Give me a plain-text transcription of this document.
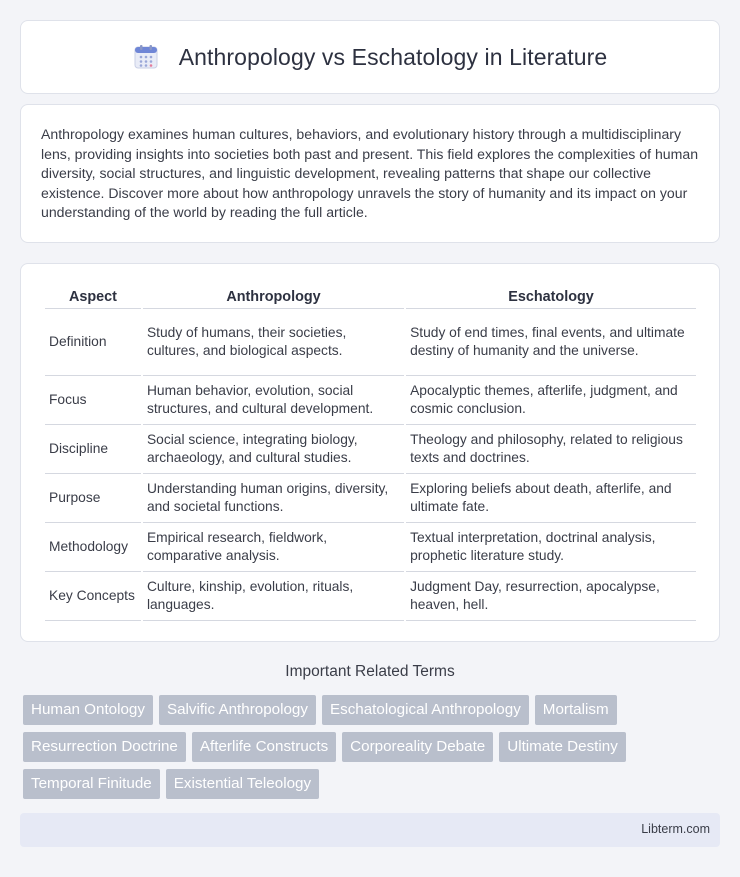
Anthropology vs Eschatology in Literature

Anthropology examines human cultures, behaviors, and evolutionary history through a multidisciplinary lens, providing insights into societies both past and present. This field explores the complexities of human diversity, social structures, and linguistic development, revealing patterns that shape our collective existence. Discover more about how anthropology unravels the story of humanity and its impact on your understanding of the world by reading the full article.

Aspect	Anthropology	Eschatology
Definition	Study of humans, their societies, cultures, and biological aspects.	Study of end times, final events, and ultimate destiny of humanity and the universe.
Focus	Human behavior, evolution, social structures, and cultural development.	Apocalyptic themes, afterlife, judgment, and cosmic conclusion.
Discipline	Social science, integrating biology, archaeology, and cultural studies.	Theology and philosophy, related to religious texts and doctrines.
Purpose	Understanding human origins, diversity, and societal functions.	Exploring beliefs about death, afterlife, and ultimate fate.
Methodology	Empirical research, fieldwork, comparative analysis.	Textual interpretation, doctrinal analysis, prophetic literature study.
Key Concepts	Culture, kinship, evolution, rituals, languages.	Judgment Day, resurrection, apocalypse, heaven, hell.
Important Related Terms
Human Ontology	Salvific Anthropology	Eschatological Anthropology	Mortalism
Resurrection Doctrine	Afterlife Constructs	Corporeality Debate	Ultimate Destiny
Temporal Finitude	Existential Teleology
Libterm.com
